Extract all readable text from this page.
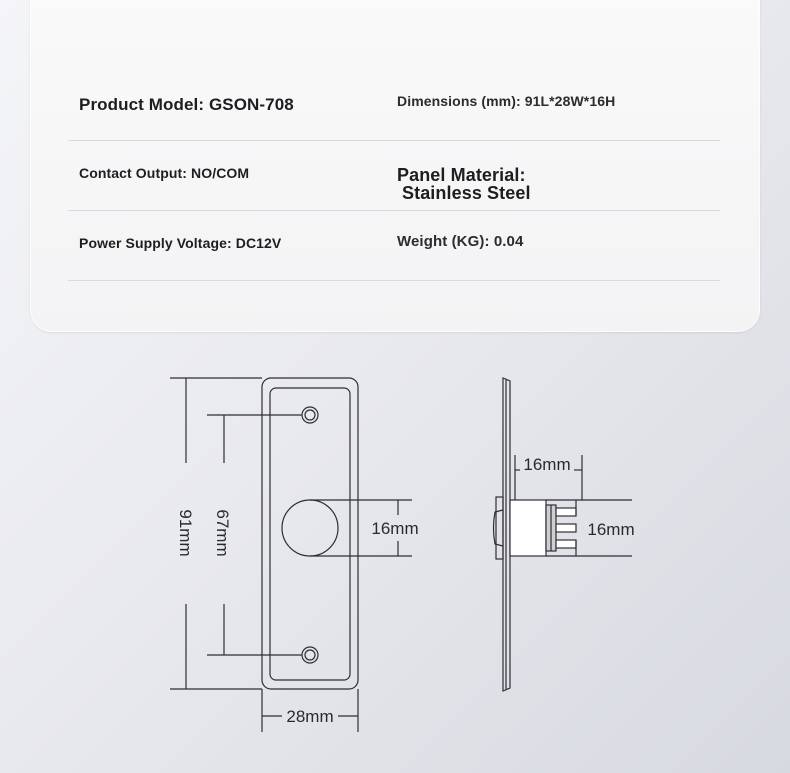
Product Model: GSON-708	Dimensions (mm): 91L*28W*16H
Contact Output: NO/COM	Panel Material:
Stainless Steel
Power Supply Voltage: DC12V	Weight (KG): 0.04
91mm 67mm	16mm
28mm
16mm
16mm
